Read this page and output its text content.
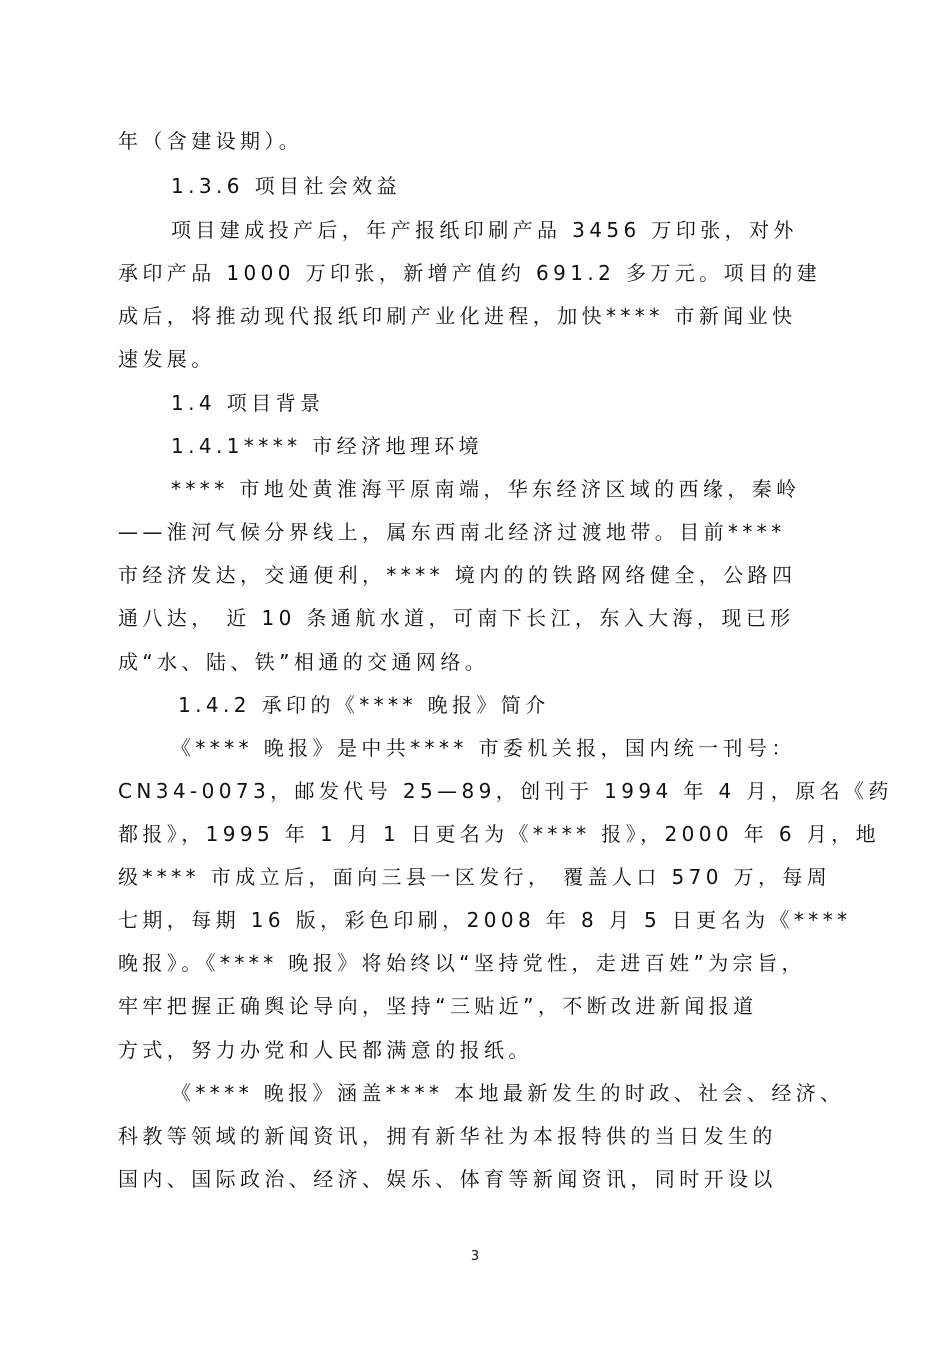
年（含建设期）。
1.3.6 项目社会效益
项目建成投产后，年产报纸印刷产品 3456 万印张，对外
承印产品 1000 万印张，新增产值约 691.2 多万元。项目的建
成后，将推动现代报纸印刷产业化进程，加快**** 市新闻业快
速发展。
1.4 项目背景
1.4.1**** 市经济地理环境
**** 市地处黄淮海平原南端，华东经济区域的西缘，秦岭
——淮河气候分界线上，属东西南北经济过渡地带。目前****
市经济发达，交通便利，**** 境内的的铁路网络健全，公路四
通八达， 近 10 条通航水道，可南下长江，东入大海，现已形
成“水、陆、铁”相通的交通网络。
1.4.2 承印的《**** 晚报》简介
《**** 晚报》是中共**** 市委机关报，国内统一刊号：
CN34-0073，邮发代号 25—89，创刊于 1994 年 4 月，原名《药
都报》，1995 年 1 月 1 日更名为《**** 报》，2000 年 6 月，地
级**** 市成立后，面向三县一区发行， 覆盖人口 570 万，每周
七期，每期 16 版，彩色印刷，2008 年 8 月 5 日更名为《****
晚报》。《**** 晚报》将始终以“坚持党性，走进百姓”为宗旨，
牢牢把握正确舆论导向，坚持“三贴近”，不断改进新闻报道
方式，努力办党和人民都满意的报纸。
《**** 晚报》涵盖**** 本地最新发生的时政、社会、经济、
科教等领域的新闻资讯，拥有新华社为本报特供的当日发生的
国内、国际政治、经济、娱乐、体育等新闻资讯，同时开设以
3
